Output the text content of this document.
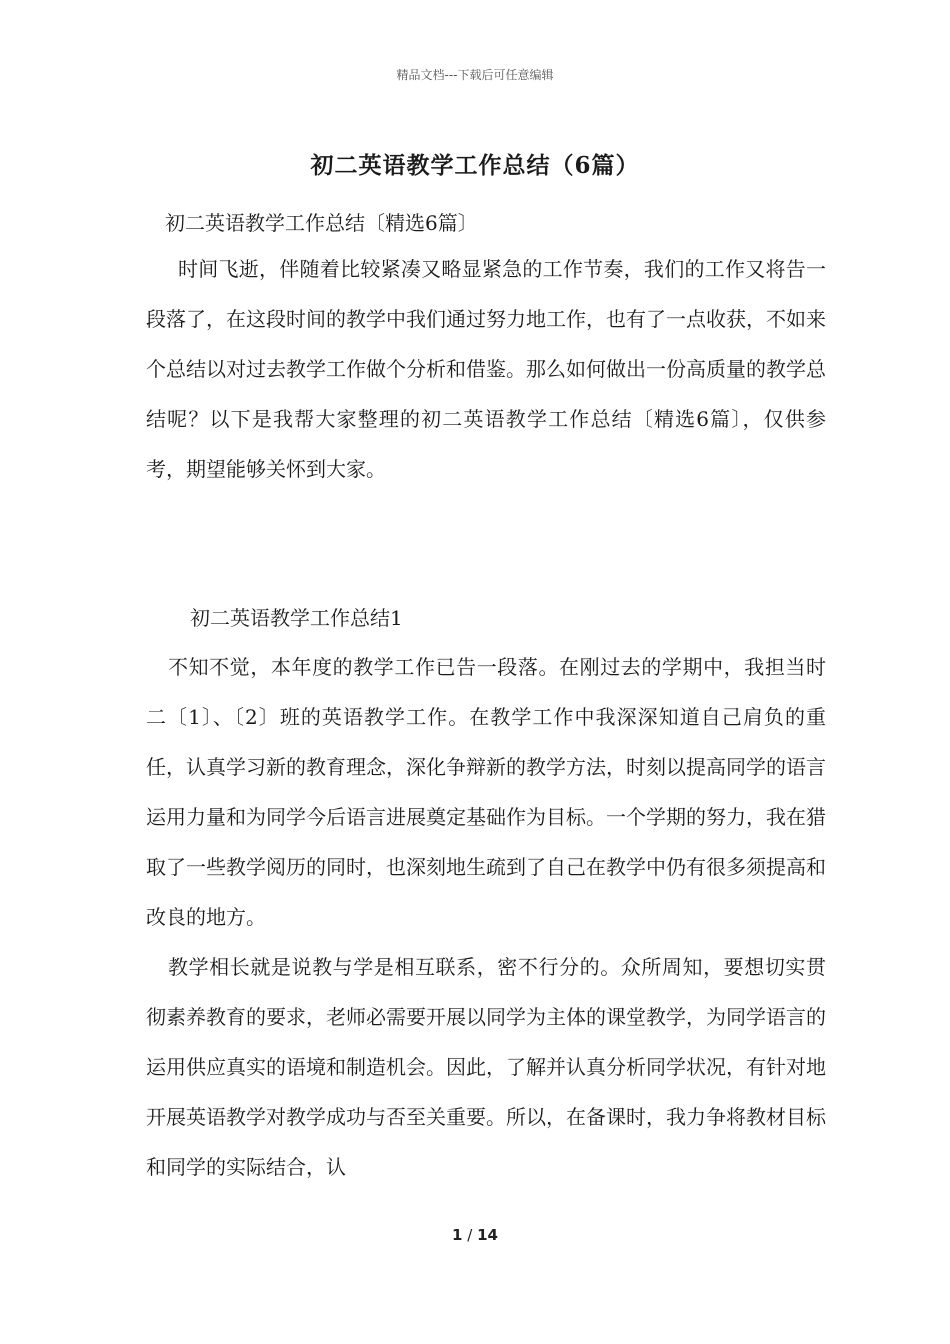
精品文档---下载后可任意编辑
初二英语教学工作总结（6篇）
初二英语教学工作总结〔精选6篇〕

时间飞逝，伴随着比较紧凑又略显紧急的工作节奏，我们的工作又将告一段落了，在这段时间的教学中我们通过努力地工作，也有了一点收获，不如来个总结以对过去教学工作做个分析和借鉴。那么如何做出一份高质量的教学总结呢？以下是我帮大家整理的初二英语教学工作总结〔精选6篇〕，仅供参考，期望能够关怀到大家。

初二英语教学工作总结1

不知不觉，本年度的教学工作已告一段落。在刚过去的学期中，我担当时二〔1〕、〔2〕班的英语教学工作。在教学工作中我深深知道自己肩负的重任，认真学习新的教育理念，深化争辩新的教学方法，时刻以提高同学的语言运用力量和为同学今后语言进展奠定基础作为目标。一个学期的努力，我在猎取了一些教学阅历的同时，也深刻地生疏到了自己在教学中仍有很多须提高和改良的地方。

教学相长就是说教与学是相互联系，密不行分的。众所周知，要想切实贯彻素养教育的要求，老师必需要开展以同学为主体的课堂教学，为同学语言的运用供应真实的语境和制造机会。因此，了解并认真分析同学状况，有针对地开展英语教学对教学成功与否至关重要。所以，在备课时，我力争将教材目标和同学的实际结合，认

1 / 14
